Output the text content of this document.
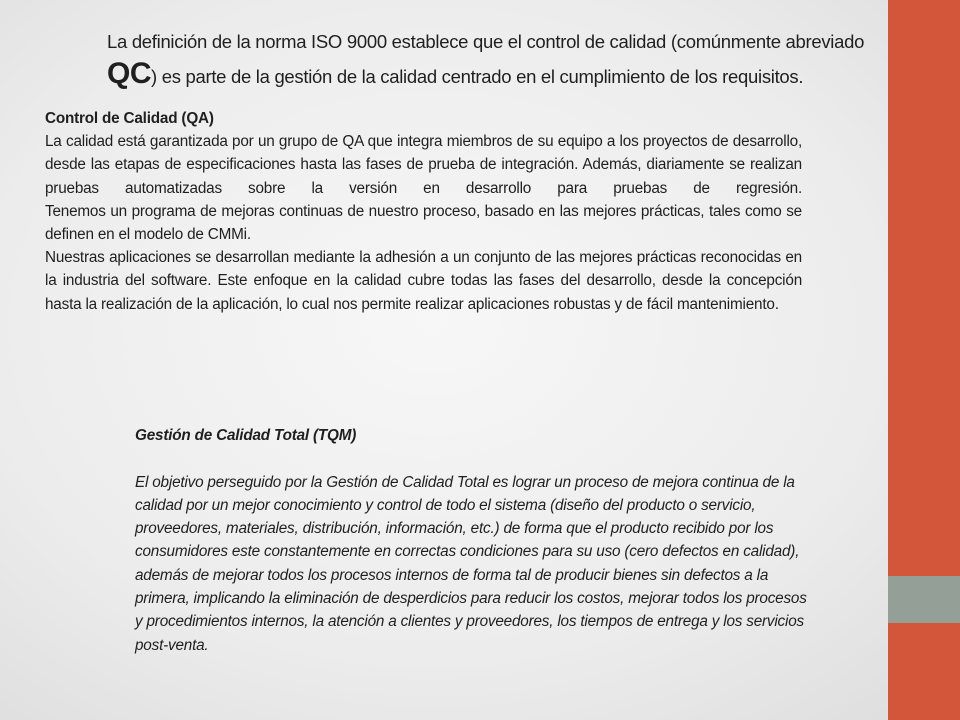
La definición de la norma ISO 9000 establece que el control de calidad (comúnmente abreviado
QC) es parte de la gestión de la calidad centrado en el cumplimiento de los requisitos.
Control de Calidad (QA)

La calidad está garantizada por un grupo de QA que integra miembros de su equipo a los proyectos de desarrollo, desde las etapas de especificaciones hasta las fases de prueba de integración. Además, diariamente se realizan pruebas automatizadas sobre la versión en desarrollo para pruebas de regresión.

Tenemos un programa de mejoras continuas de nuestro proceso, basado en las mejores prácticas, tales como se definen en el modelo de CMMi.

Nuestras aplicaciones se desarrollan mediante la adhesión a un conjunto de las mejores prácticas reconocidas en la industria del software. Este enfoque en la calidad cubre todas las fases del desarrollo, desde la concepción hasta la realización de la aplicación, lo cual nos permite realizar aplicaciones robustas y de fácil mantenimiento.

Gestión de Calidad Total (TQM)
El objetivo perseguido por la Gestión de Calidad Total es lograr un proceso de mejora continua de la
calidad por un mejor conocimiento y control de todo el sistema (diseño del producto o servicio,
proveedores, materiales, distribución, información, etc.) de forma que el producto recibido por los
consumidores este constantemente en correctas condiciones para su uso (cero defectos en calidad),
además de mejorar todos los procesos internos de forma tal de producir bienes sin defectos a la
primera, implicando la eliminación de desperdicios para reducir los costos, mejorar todos los procesos
y procedimientos internos, la atención a clientes y proveedores, los tiempos de entrega y los servicios
post-venta.
